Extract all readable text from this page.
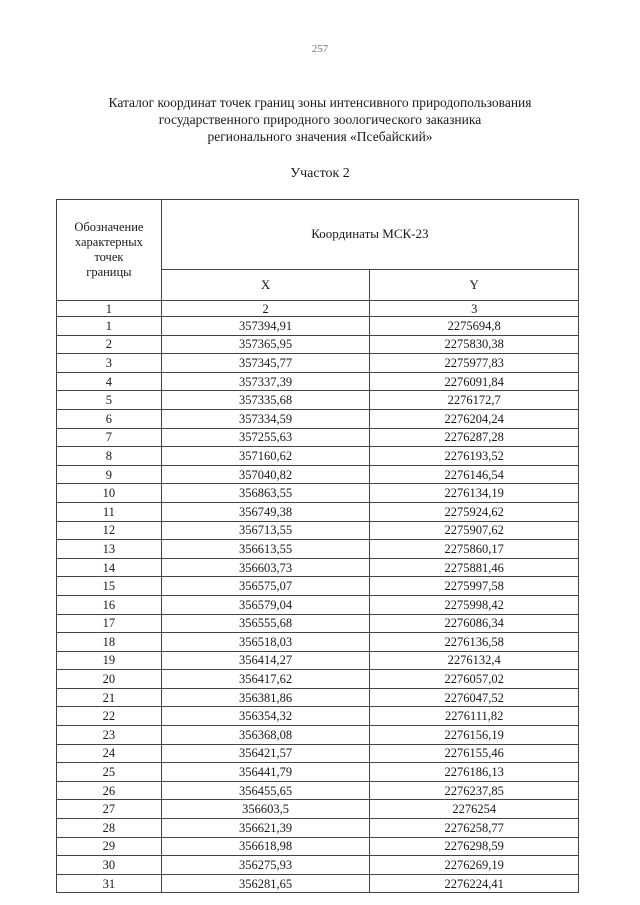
257
Каталог координат точек границ зоны интенсивного природопользования
государственного природного зоологического заказника
регионального значения «Псебайский»
Участок 2
Обозначение
характерных
точек
границы	Координаты МСК-23	
	X	Y
1	2	3
1	357394,91	2275694,8
2	357365,95	2275830,38
3	357345,77	2275977,83
4	357337,39	2276091,84
5	357335,68	2276172,7
6	357334,59	2276204,24
7	357255,63	2276287,28
8	357160,62	2276193,52
9	357040,82	2276146,54
10	356863,55	2276134,19
11	356749,38	2275924,62
12	356713,55	2275907,62
13	356613,55	2275860,17
14	356603,73	2275881,46
15	356575,07	2275997,58
16	356579,04	2275998,42
17	356555,68	2276086,34
18	356518,03	2276136,58
19	356414,27	2276132,4
20	356417,62	2276057,02
21	356381,86	2276047,52
22	356354,32	2276111,82
23	356368,08	2276156,19
24	356421,57	2276155,46
25	356441,79	2276186,13
26	356455,65	2276237,85
27	356603,5	2276254
28	356621,39	2276258,77
29	356618,98	2276298,59
30	356275,93	2276269,19
31	356281,65	2276224,41
